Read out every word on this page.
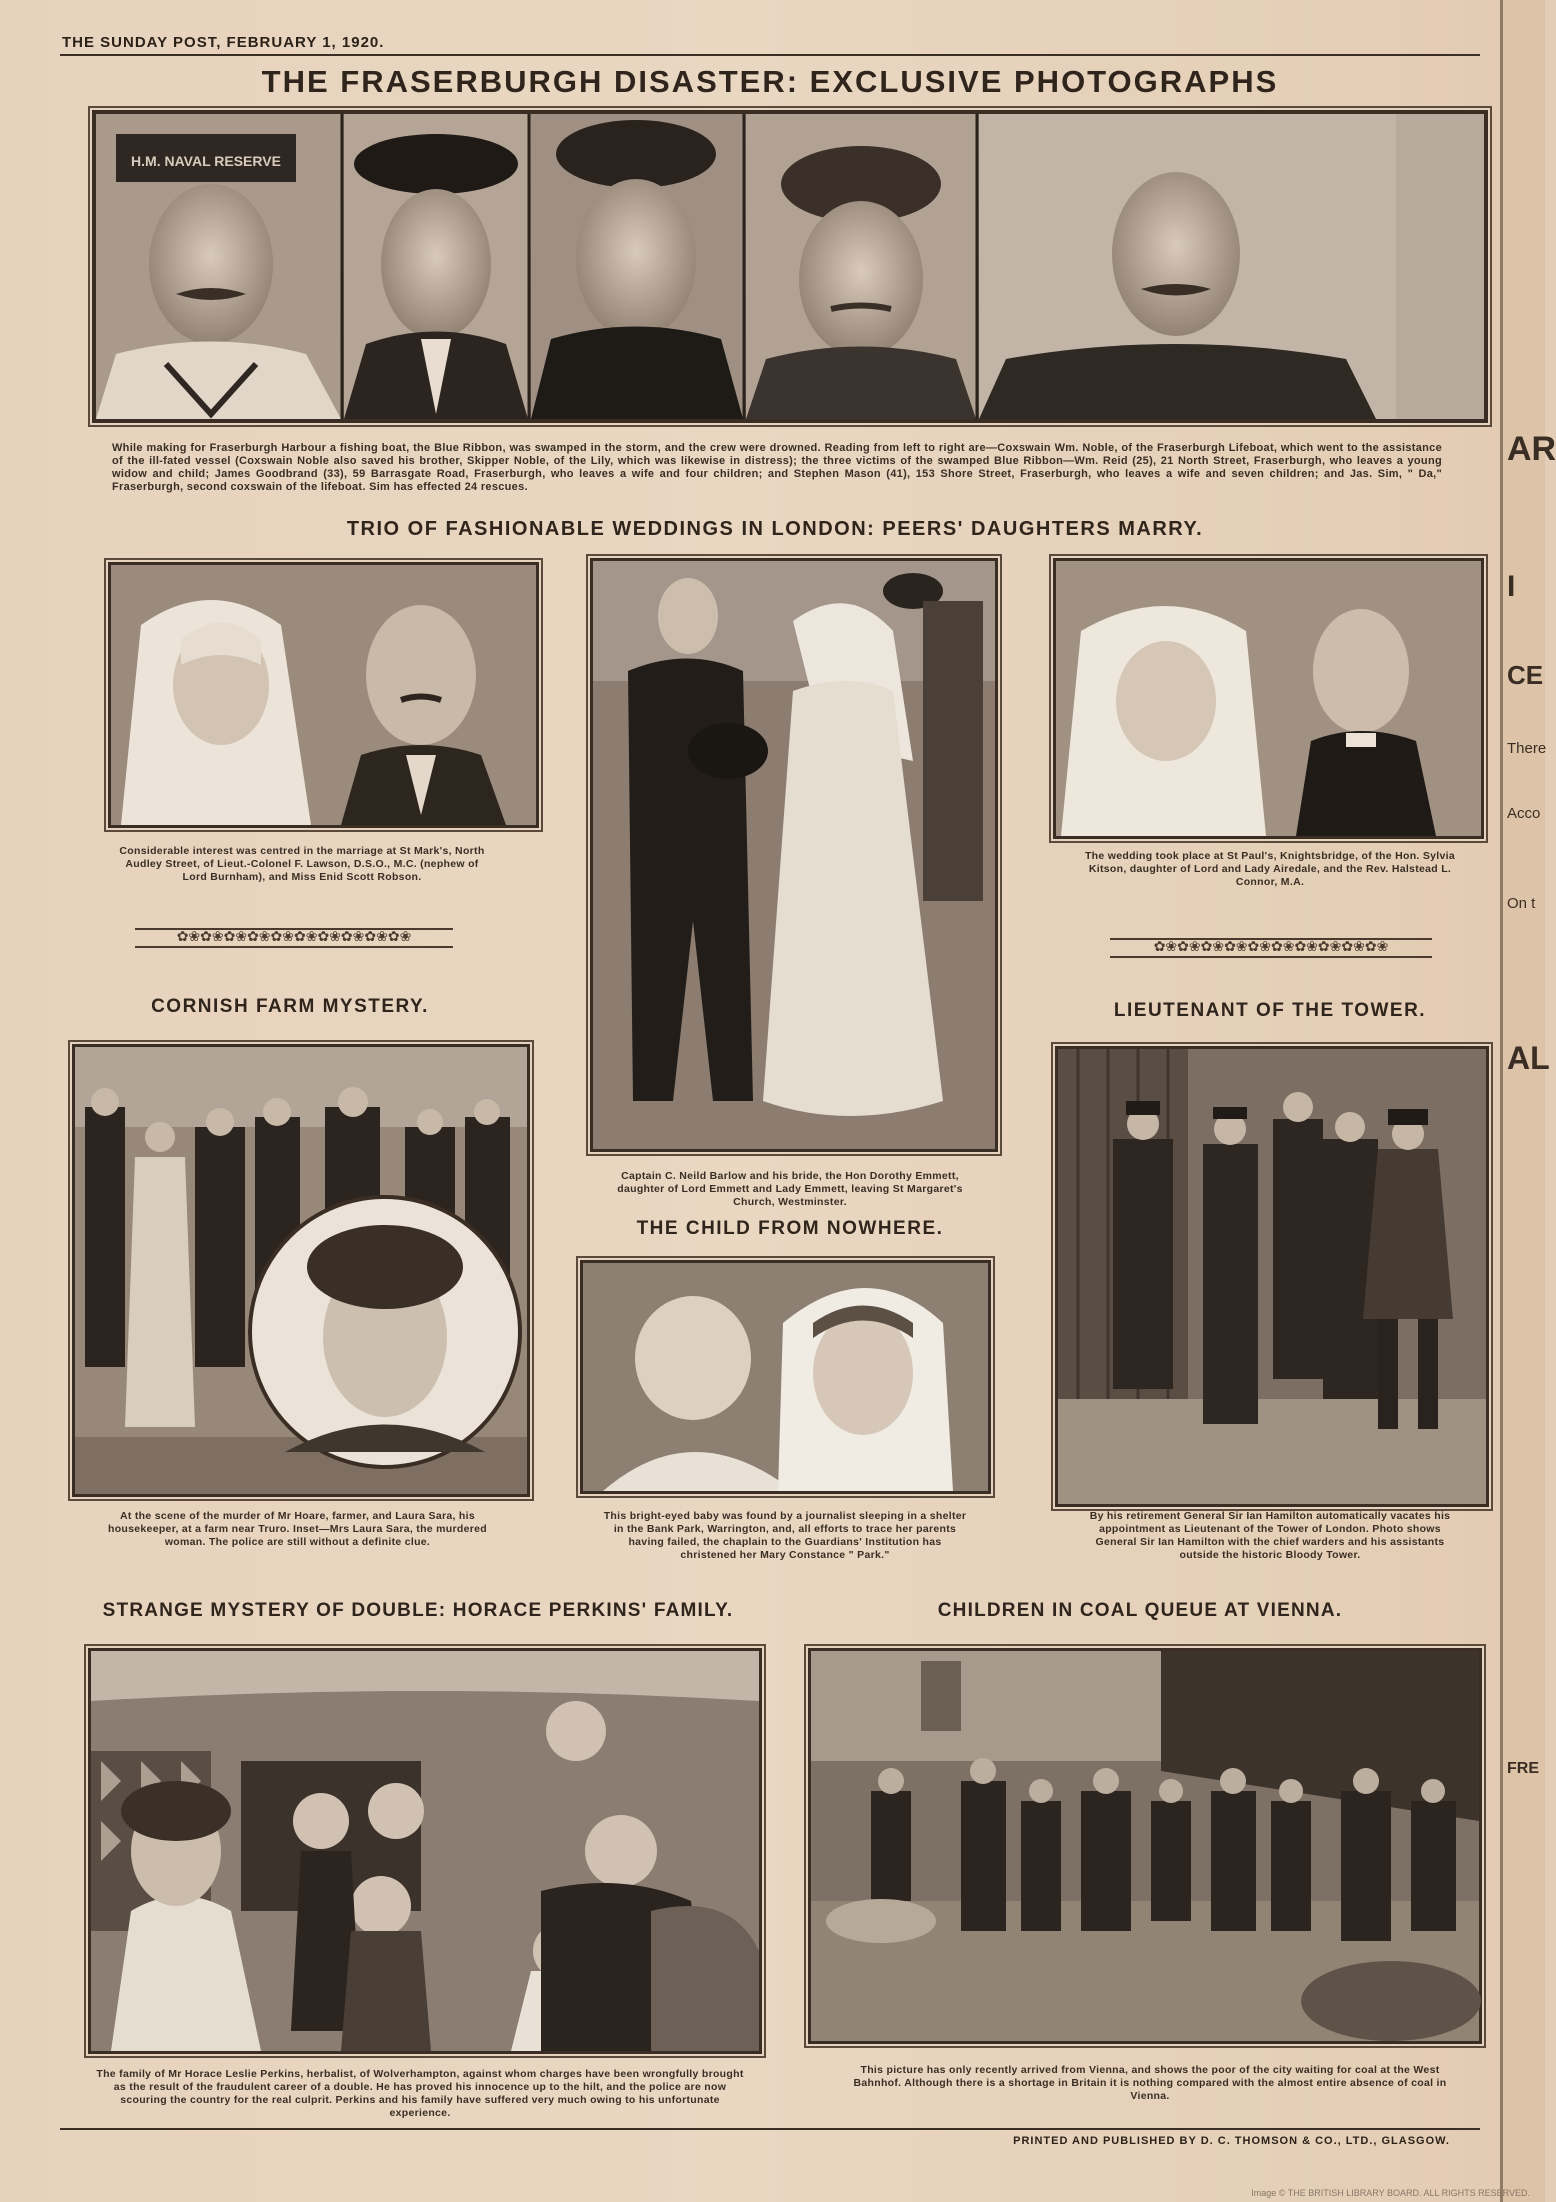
THE SUNDAY POST, FEBRUARY 1, 1920.
THE FRASERBURGH DISASTER: EXCLUSIVE PHOTOGRAPHS
H.M. NAVAL RESERVE
While making for Fraserburgh Harbour a fishing boat, the Blue Ribbon, was swamped in the storm, and the crew were drowned. Reading from left to right are—Coxswain Wm. Noble, of the Fraserburgh Lifeboat, which went to the assistance of the ill-fated vessel (Coxswain Noble also saved his brother, Skipper Noble, of the Lily, which was likewise in distress); the three victims of the swamped Blue Ribbon—Wm. Reid (25), 21 North Street, Fraserburgh, who leaves a young widow and child; James Goodbrand (33), 59 Barrasgate Road, Fraserburgh, who leaves a wife and four children; and Stephen Mason (41), 153 Shore Street, Fraserburgh, who leaves a wife and seven children; and Jas. Sim, " Da," Fraserburgh, second coxswain of the lifeboat. Sim has effected 24 rescues.
TRIO OF FASHIONABLE WEDDINGS IN LONDON: PEERS' DAUGHTERS MARRY.
Considerable interest was centred in the marriage at St Mark's, North Audley Street, of Lieut.-Colonel F. Lawson, D.S.O., M.C. (nephew of Lord Burnham), and Miss Enid Scott Robson.
✿❀✿❀✿❀✿❀✿❀✿❀✿❀✿❀✿❀✿❀
Captain C. Neild Barlow and his bride, the Hon Dorothy Emmett, daughter of Lord Emmett and Lady Emmett, leaving St Margaret's Church, Westminster.
The wedding took place at St Paul's, Knightsbridge, of the Hon. Sylvia Kitson, daughter of Lord and Lady Airedale, and the Rev. Halstead L. Connor, M.A.
✿❀✿❀✿❀✿❀✿❀✿❀✿❀✿❀✿❀✿❀
CORNISH FARM MYSTERY.
At the scene of the murder of Mr Hoare, farmer, and Laura Sara, his housekeeper, at a farm near Truro. Inset—Mrs Laura Sara, the murdered woman. The police are still without a definite clue.
THE CHILD FROM NOWHERE.
This bright-eyed baby was found by a journalist sleeping in a shelter in the Bank Park, Warrington, and, all efforts to trace her parents having failed, the chaplain to the Guardians' Institution has christened her Mary Constance " Park."
LIEUTENANT OF THE TOWER.
By his retirement General Sir Ian Hamilton automatically vacates his appointment as Lieutenant of the Tower of London. Photo shows General Sir Ian Hamilton with the chief warders and his assistants outside the historic Bloody Tower.
STRANGE MYSTERY OF DOUBLE: HORACE PERKINS' FAMILY.
The family of Mr Horace Leslie Perkins, herbalist, of Wolverhampton, against whom charges have been wrongfully brought as the result of the fraudulent career of a double. He has proved his innocence up to the hilt, and the police are now scouring the country for the real culprit. Perkins and his family have suffered very much owing to his unfortunate experience.
CHILDREN IN COAL QUEUE AT VIENNA.
This picture has only recently arrived from Vienna, and shows the poor of the city waiting for coal at the West Bahnhof. Although there is a shortage in Britain it is nothing compared with the almost entire absence of coal in Vienna.
PRINTED AND PUBLISHED BY D. C. THOMSON & CO., LTD., GLASGOW.
AR
I
CE
There
Acco
On t
AL
FRE
Image © THE BRITISH LIBRARY BOARD. ALL RIGHTS RESERVED.
